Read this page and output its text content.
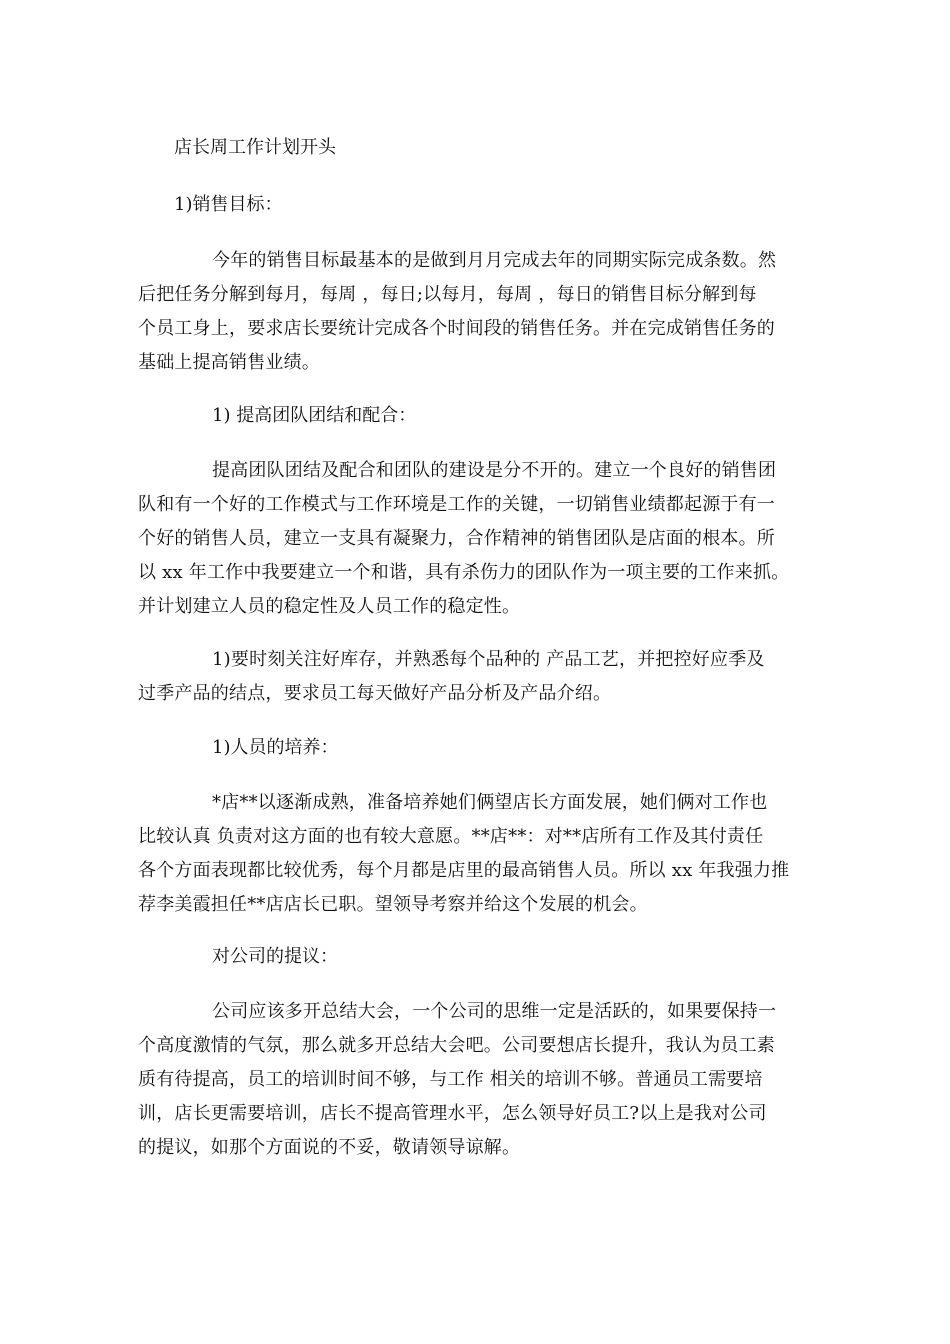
店长周工作计划开头
1)销售目标：
今年的销售目标最基本的是做到月月完成去年的同期实际完成条数。然
后把任务分解到每月，每周 ，每日;以每月，每周 ，每日的销售目标分解到每
个员工身上，要求店长要统计完成各个时间段的销售任务。并在完成销售任务的
基础上提高销售业绩。
1) 提高团队团结和配合：
提高团队团结及配合和团队的建设是分不开的。建立一个良好的销售团
队和有一个好的工作模式与工作环境是工作的关键，一切销售业绩都起源于有一
个好的销售人员，建立一支具有凝聚力，合作精神的销售团队是店面的根本。所
以 xx 年工作中我要建立一个和谐，具有杀伤力的团队作为一项主要的工作来抓。
并计划建立人员的稳定性及人员工作的稳定性。
1)要时刻关注好库存，并熟悉每个品种的 产品工艺，并把控好应季及
过季产品的结点，要求员工每天做好产品分析及产品介绍。
1)人员的培养：
*店**以逐渐成熟，准备培养她们俩望店长方面发展，她们俩对工作也
比较认真 负责对这方面的也有较大意愿。**店**：对**店所有工作及其付责任
各个方面表现都比较优秀，每个月都是店里的最高销售人员。所以 xx 年我强力推
荐李美霞担任**店店长已职。望领导考察并给这个发展的机会。
对公司的提议：
公司应该多开总结大会，一个公司的思维一定是活跃的，如果要保持一
个高度激情的气氛，那么就多开总结大会吧。公司要想店长提升，我认为员工素
质有待提高，员工的培训时间不够，与工作 相关的培训不够。普通员工需要培
训，店长更需要培训，店长不提高管理水平，怎么领导好员工?以上是我对公司
的提议，如那个方面说的不妥，敬请领导谅解。
